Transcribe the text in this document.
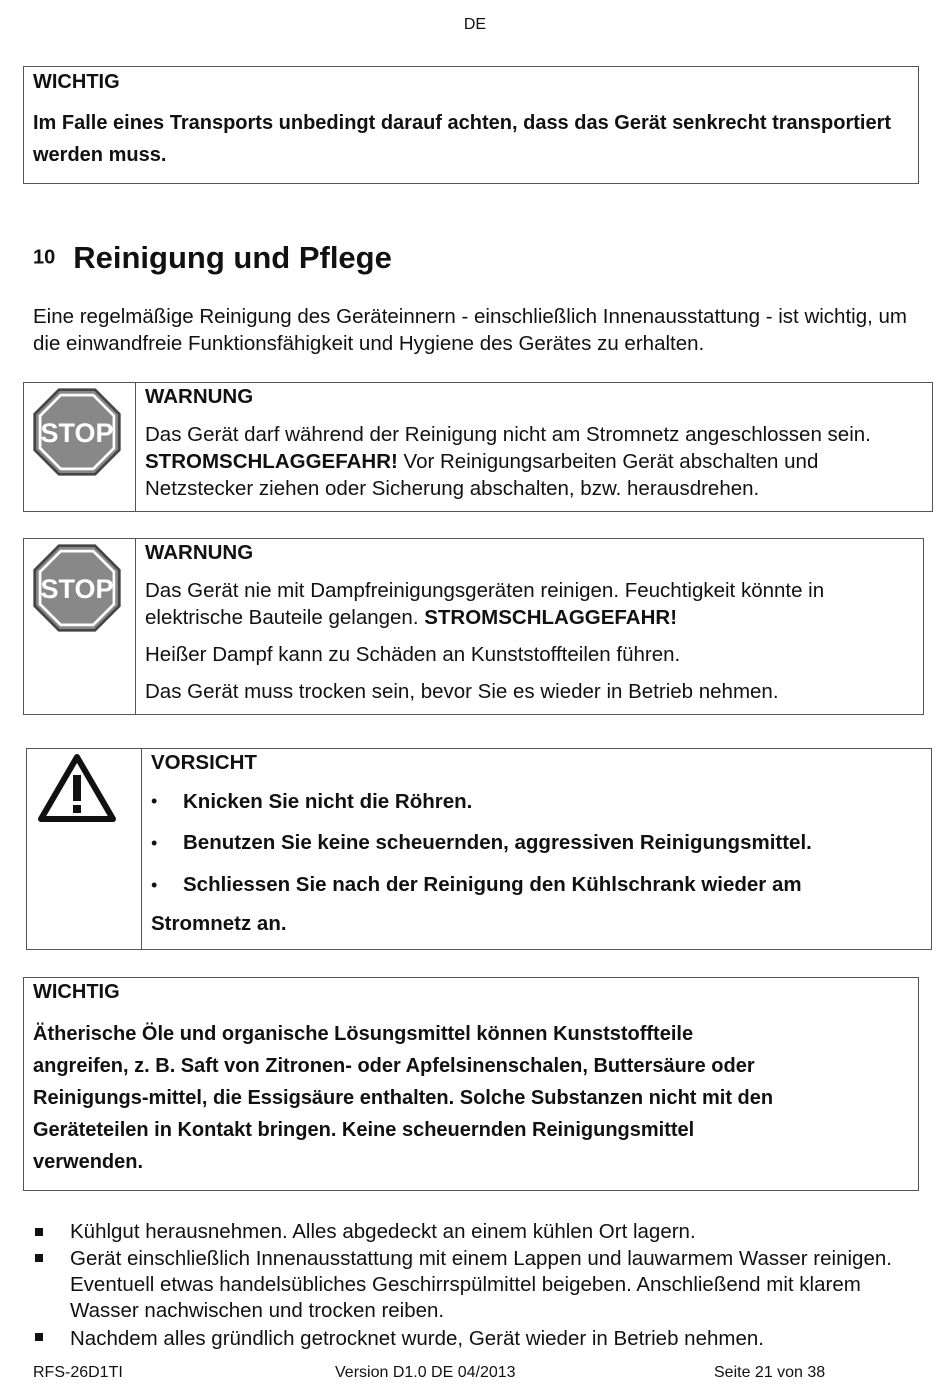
DE
WICHTIG
Im Falle eines Transports unbedingt darauf achten, dass das Gerät senkrecht transportiert werden muss.
10 Reinigung und Pflege
Eine regelmäßige Reinigung des Geräteinnern - einschließlich Innenausstattung - ist wichtig, um die einwandfreie Funktionsfähigkeit und Hygiene des Gerätes zu erhalten.
STOP
WARNUNG
Das Gerät darf während der Reinigung nicht am Stromnetz angeschlossen sein. STROMSCHLAGGEFAHR! Vor Reinigungsarbeiten Gerät abschalten und Netzstecker ziehen oder Sicherung abschalten, bzw. herausdrehen.
STOP
WARNUNG
Das Gerät nie mit Dampfreinigungsgeräten reinigen. Feuchtigkeit könnte in elektrische Bauteile gelangen. STROMSCHLAGGEFAHR!
Heißer Dampf kann zu Schäden an Kunststoffteilen führen.
Das Gerät muss trocken sein, bevor Sie es wieder in Betrieb nehmen.
VORSICHT
• Knicken Sie nicht die Röhren.
• Benutzen Sie keine scheuernden, aggressiven Reinigungsmittel.
• Schliessen Sie nach der Reinigung den Kühlschrank wieder am
Stromnetz an.
WICHTIG
Ätherische Öle und organische Lösungsmittel können Kunststoffteile
angreifen, z. B. Saft von Zitronen- oder Apfelsinenschalen, Buttersäure oder
Reinigungs-mittel, die Essigsäure enthalten. Solche Substanzen nicht mit den
Geräteteilen in Kontakt bringen. Keine scheuernden Reinigungsmittel
verwenden.
Kühlgut herausnehmen. Alles abgedeckt an einem kühlen Ort lagern.
Gerät einschließlich Innenausstattung mit einem Lappen und lauwarmem Wasser reinigen. Eventuell etwas handelsübliches Geschirrspülmittel beigeben. Anschließend mit klarem Wasser nachwischen und trocken reiben.
Nachdem alles gründlich getrocknet wurde, Gerät wieder in Betrieb nehmen.
RFS-26D1TI	Version D1.0 DE 04/2013	Seite 21 von 38
